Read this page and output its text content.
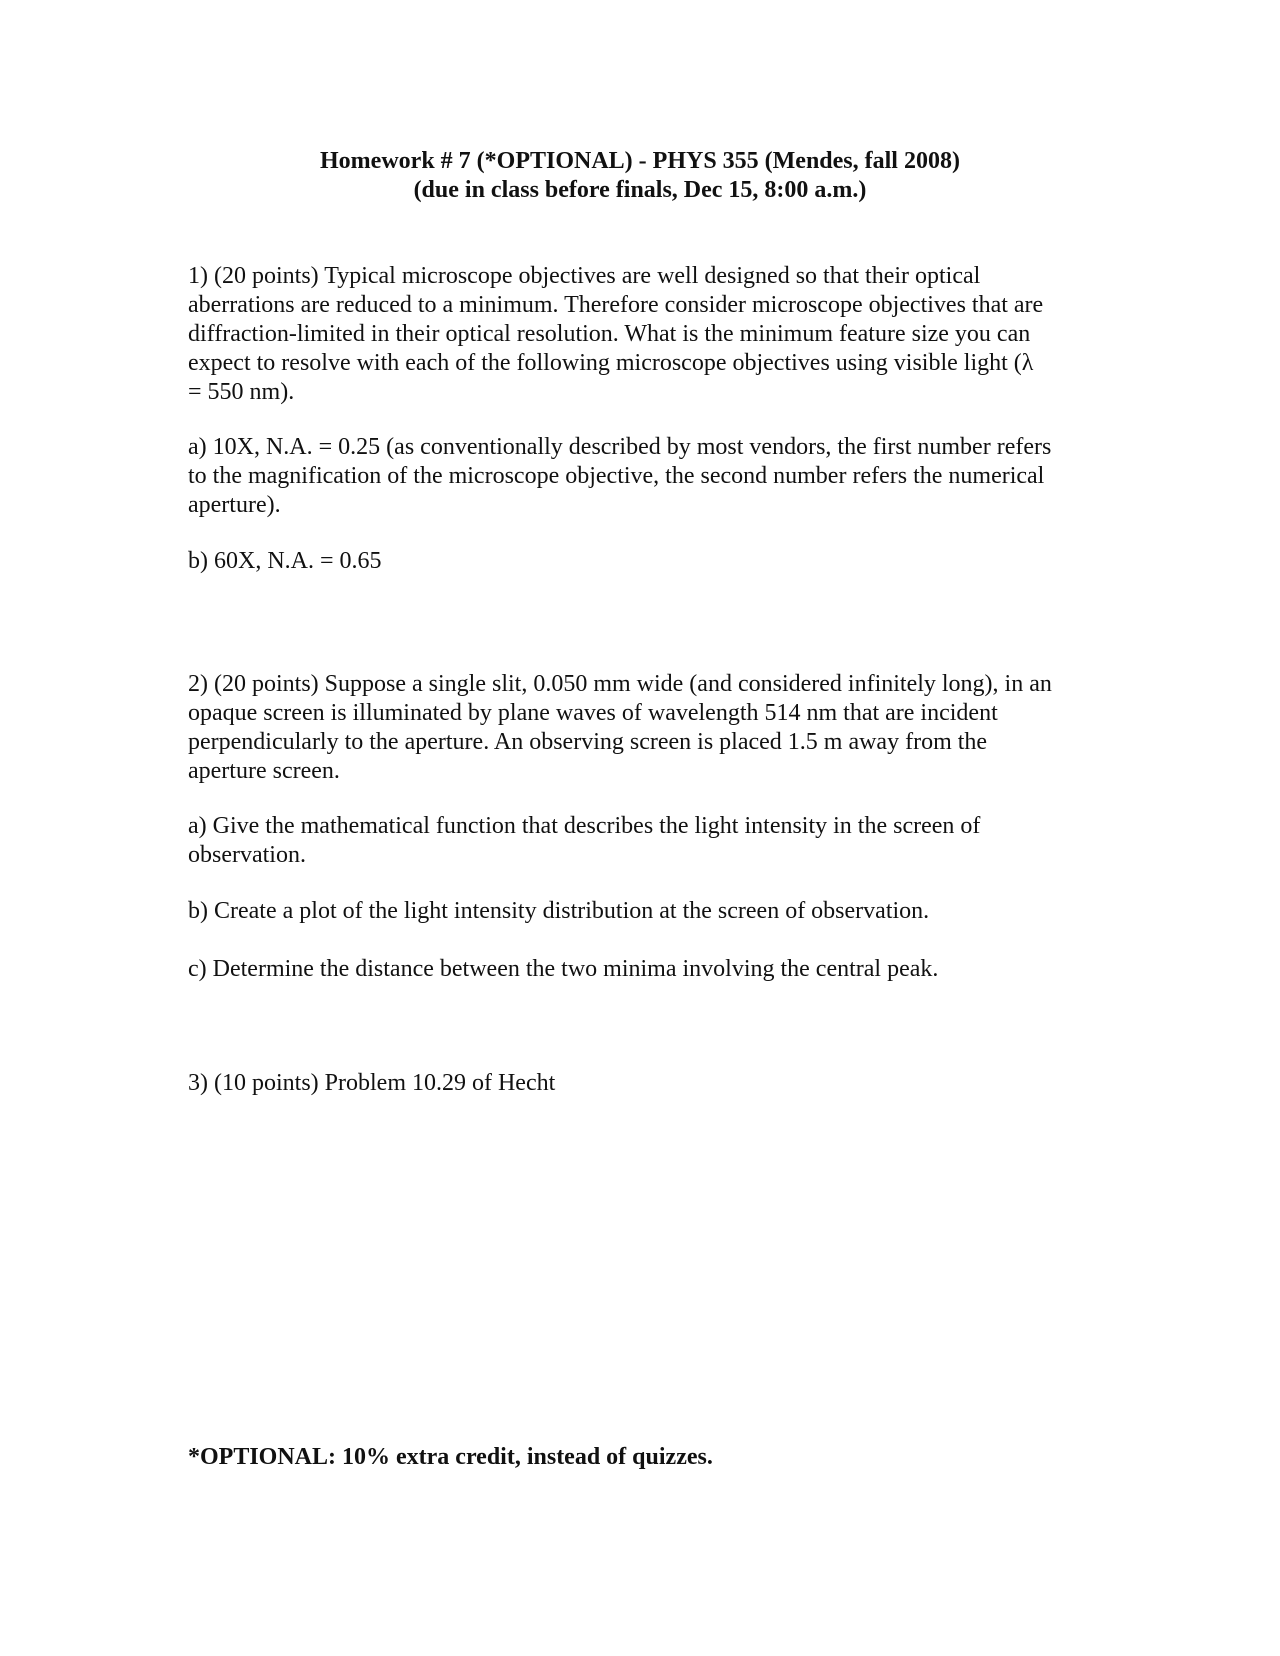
Homework # 7 (*OPTIONAL) - PHYS 355 (Mendes, fall 2008)
(due in class before finals, Dec 15, 8:00 a.m.)
1) (20 points) Typical microscope objectives are well designed so that their optical
aberrations are reduced to a minimum. Therefore consider microscope objectives that are
diffraction-limited in their optical resolution. What is the minimum feature size you can
expect to resolve with each of the following microscope objectives using visible light (λ
= 550 nm).
a) 10X, N.A. = 0.25 (as conventionally described by most vendors, the first number refers
to the magnification of the microscope objective, the second number refers the numerical
aperture).
b) 60X, N.A. = 0.65
2) (20 points) Suppose a single slit, 0.050 mm wide (and considered infinitely long), in an
opaque screen is illuminated by plane waves of wavelength 514 nm that are incident
perpendicularly to the aperture. An observing screen is placed 1.5 m away from the
aperture screen.
a) Give the mathematical function that describes the light intensity in the screen of
observation.
b) Create a plot of the light intensity distribution at the screen of observation.
c) Determine the distance between the two minima involving the central peak.
3) (10 points) Problem 10.29 of Hecht
*OPTIONAL: 10% extra credit, instead of quizzes.
